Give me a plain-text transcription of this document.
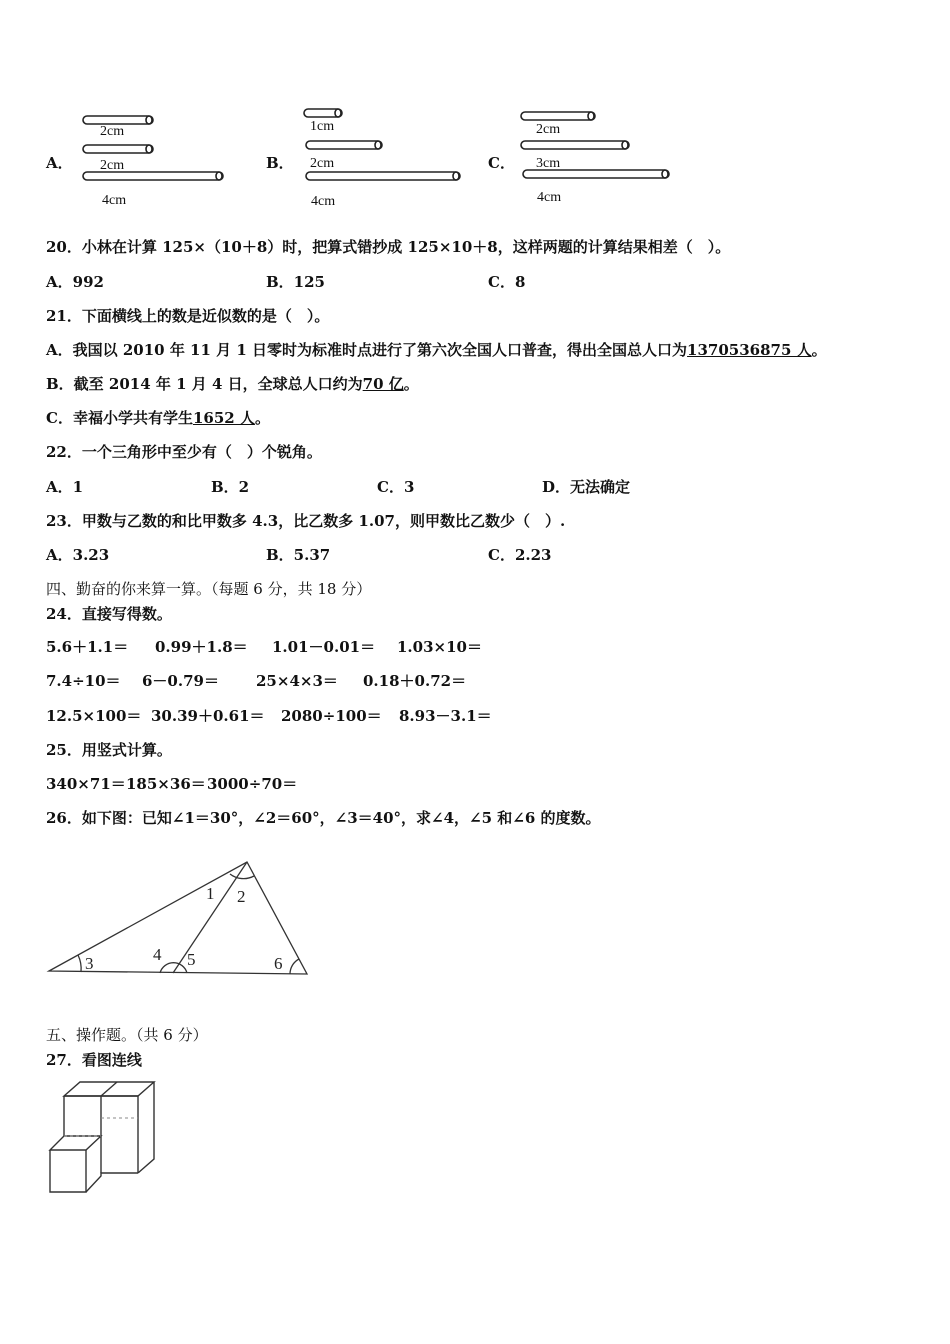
A．
2cm
2cm
4cm
B．
1cm
2cm
4cm
C．
2cm
3cm
4cm
20．小林在计算 125×（10＋8）时，把算式错抄成 125×10＋8，这样两题的计算结果相差（　）。
A．992	B．125	C．8
21．下面横线上的数是近似数的是（　）。
A．我国以 2010 年 11 月 1 日零时为标准时点进行了第六次全国人口普查，得出全国总人口为1370536875 人。
B．截至 2014 年 1 月 4 日，全球总人口约为70 亿。
C．幸福小学共有学生1652 人。
22．一个三角形中至少有（　）个锐角。
A．1	B．2	C．3	D．无法确定
23．甲数与乙数的和比甲数多 4.3，比乙数多 1.07，则甲数比乙数少（　）.
A．3.23	B．5.37	C．2.23
四、勤奋的你来算一算。（每题 6 分，共 18 分）
24．直接写得数。
5.6＋1.1＝ 0.99＋1.8＝ 1.01－0.01＝ 1.03×10＝
7.4÷10＝ 6－0.79＝ 25×4×3＝ 0.18＋0.72＝
12.5×100＝ 30.39＋0.61＝ 2080÷100＝ 8.93－3.1＝
25．用竖式计算。
340×71＝ 185×36＝ 3000÷70＝
26．如下图：已知∠1＝30°，∠2＝60°，∠3＝40°，求∠4，∠5 和∠6 的度数。
1 2
3	4 5	6
五、操作题。（共 6 分）
27．看图连线
